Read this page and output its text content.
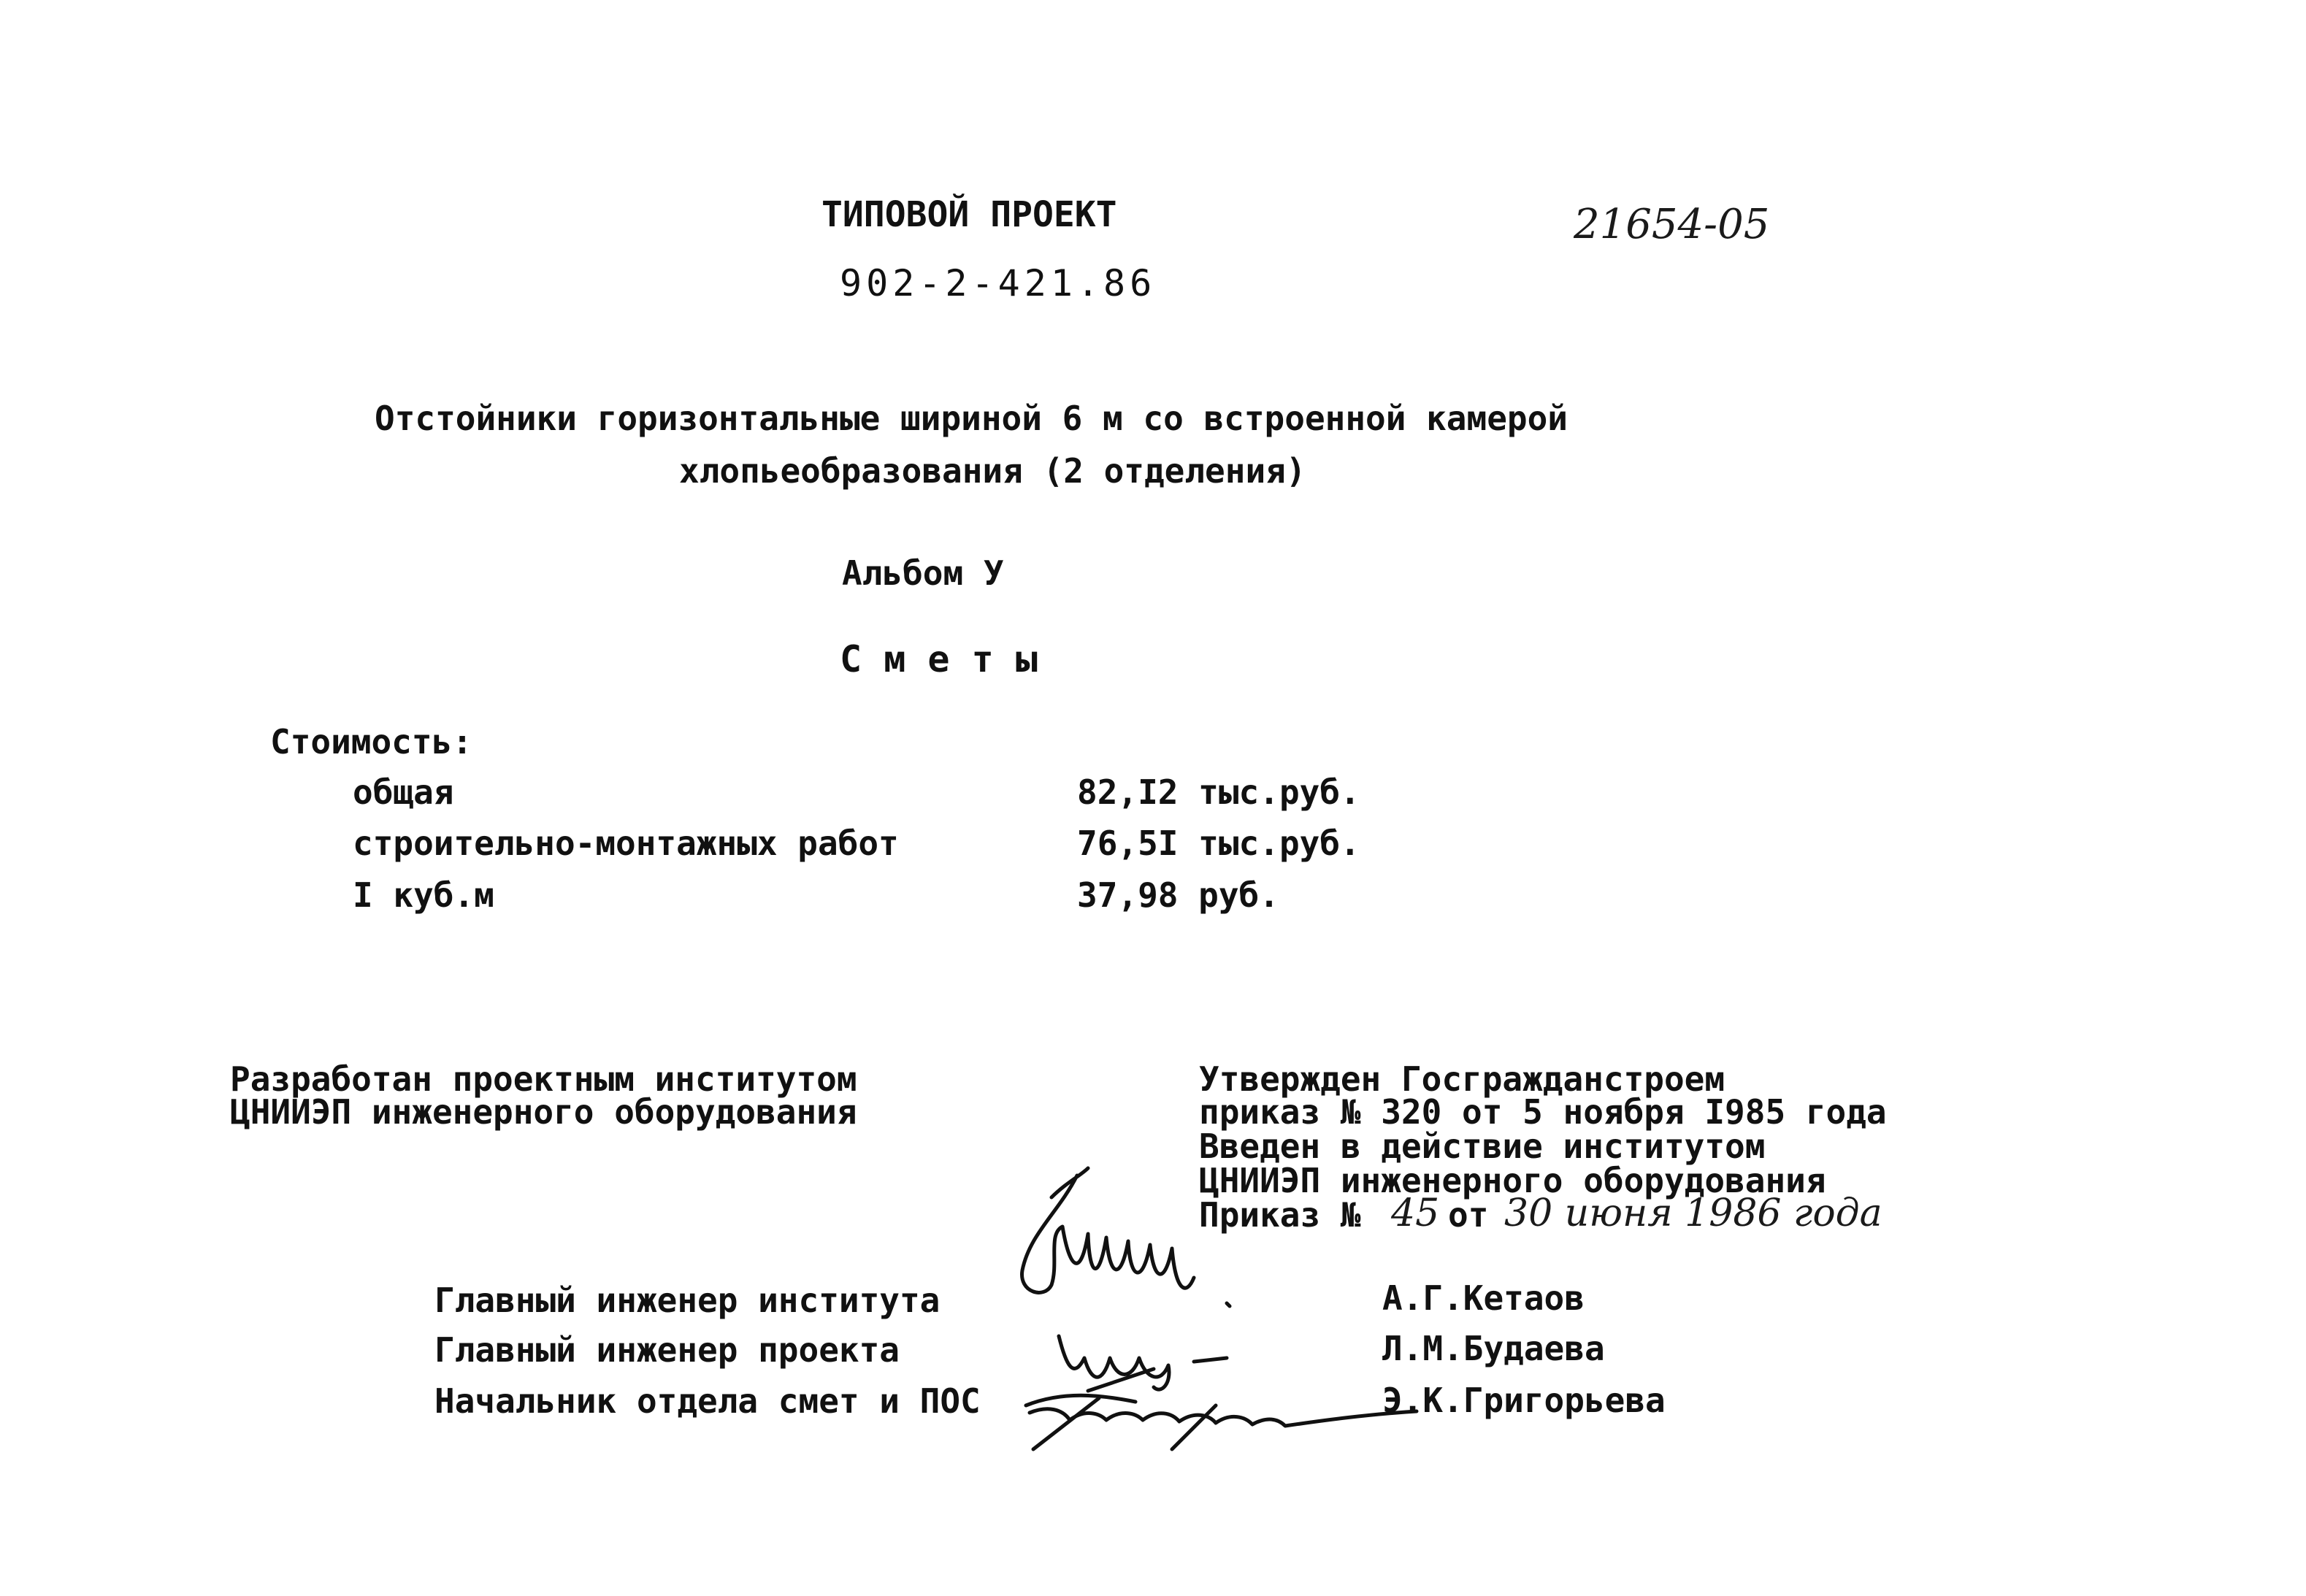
ТИПОВОЙ ПРОЕКТ
902-2-421.86
21654-05
Отстойники горизонтальные шириной 6 м со встроенной камерой
хлопьеобразования (2 отделения)
Альбом У
С м е т ы
Стоимость:
общая	82,I2 тыс.руб.
строительно-монтажных работ	76,5I тыс.руб.
I куб.м	37,98 руб.
Разработан проектным институтом
ЦНИИЭП инженерного оборудования
Утвержден Госгражданстроем
приказ № 320 от 5 ноября I985 года
Введен в действие институтом
ЦНИИЭП инженерного оборудования
Приказ № 45 от 30 июня 1986 года
Главный инженер института	А.Г.Кетаов
Главный инженер проекта	Л.М.Будаева
Начальник отдела смет и ПОС	Э.К.Григорьева
